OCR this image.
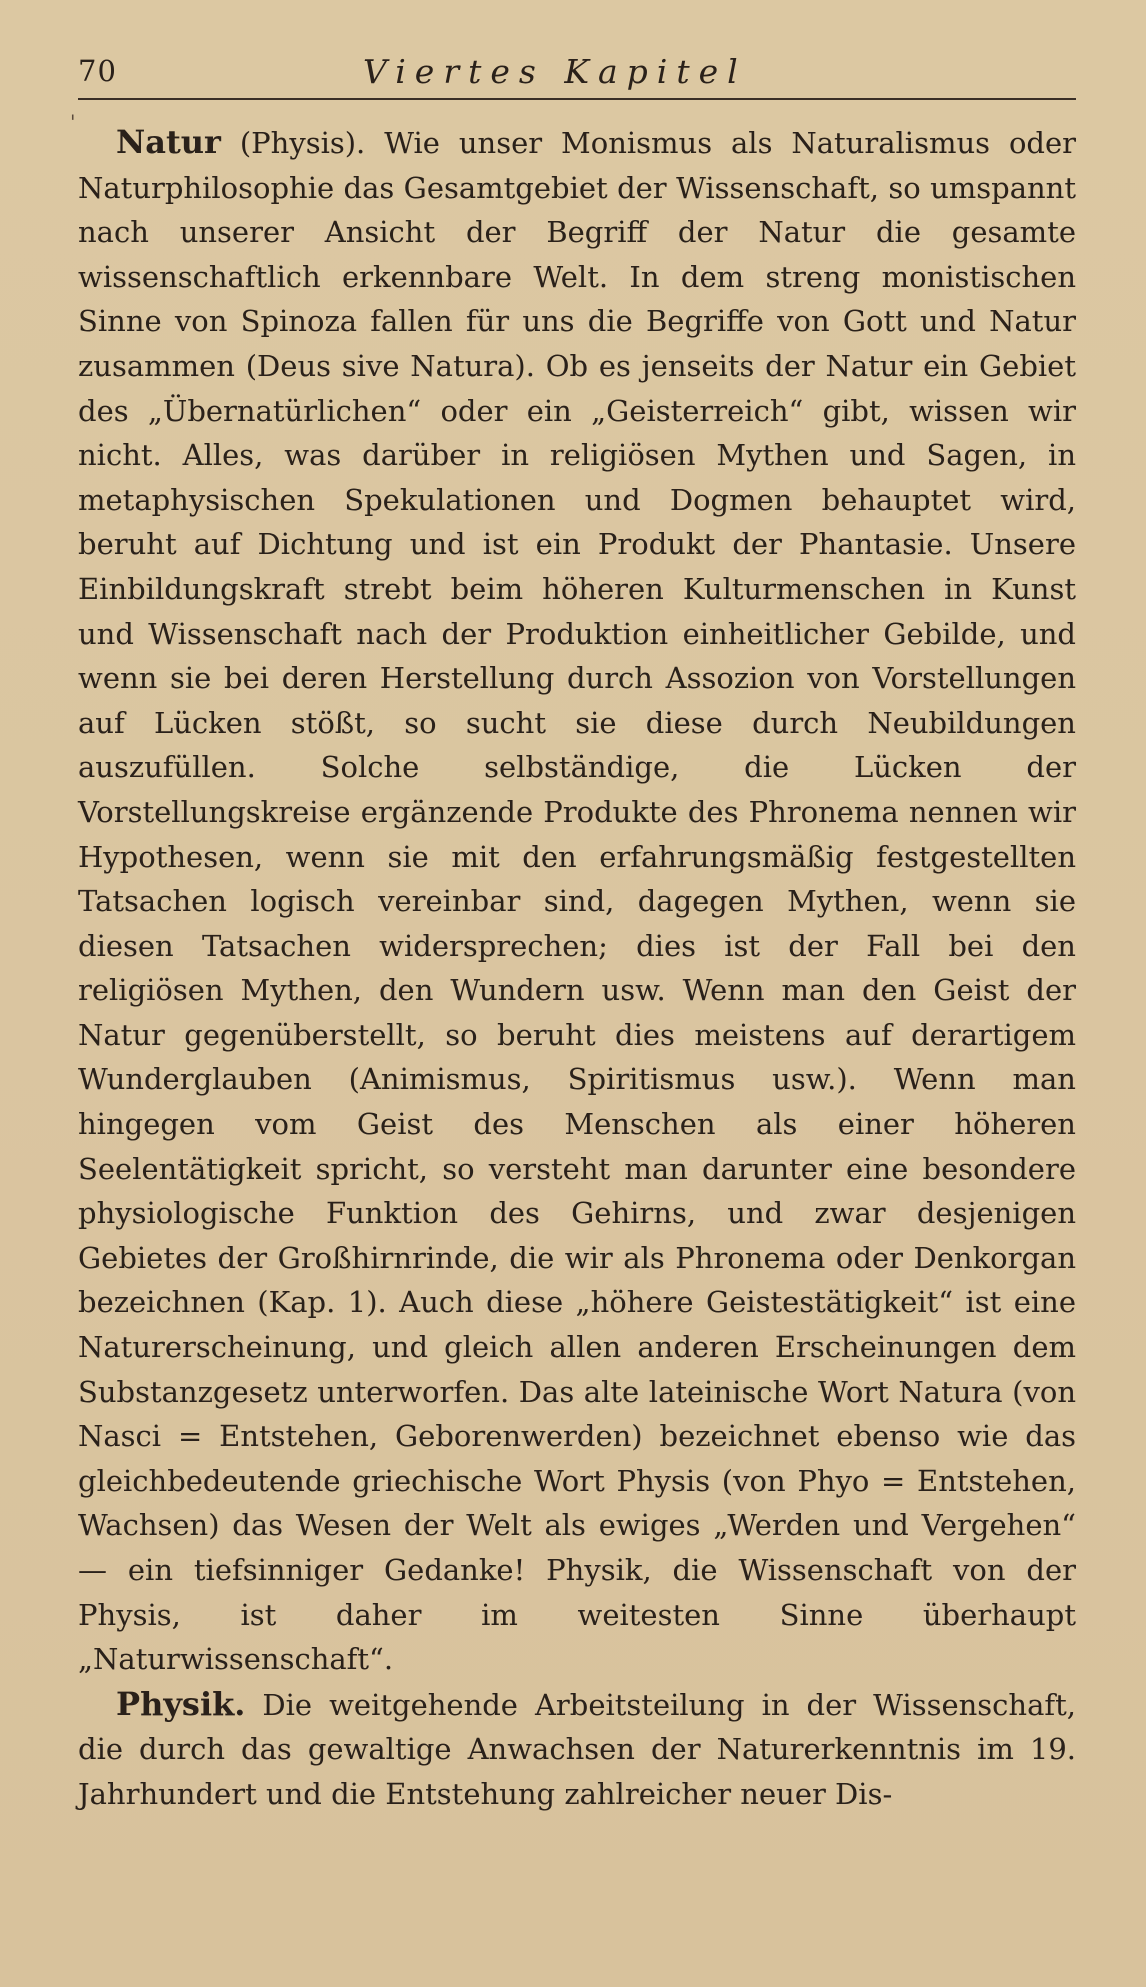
70	Viertes Kapitel
'

Natur (Physis). Wie unser Monismus als Naturalismus oder Naturphilosophie das Gesamtgebiet der Wissenschaft, so umspannt nach unserer Ansicht der Begriff der Natur die gesamte wissenschaftlich erkennbare Welt. In dem streng monistischen Sinne von Spinoza fallen für uns die Begriffe von Gott und Natur zusammen (Deus sive Natura). Ob es jenseits der Natur ein Gebiet des „Übernatürlichen“ oder ein „Geisterreich“ gibt, wissen wir nicht. Alles, was darüber in religiösen Mythen und Sagen, in metaphysischen Spekulationen und Dogmen behauptet wird, beruht auf Dichtung und ist ein Produkt der Phantasie. Unsere Einbildungskraft strebt beim höheren Kulturmenschen in Kunst und Wissenschaft nach der Produktion einheitlicher Gebilde, und wenn sie bei deren Herstellung durch Assozion von Vorstellungen auf Lücken stößt, so sucht sie diese durch Neubildungen auszufüllen. Solche selbständige, die Lücken der Vorstellungskreise ergänzende Produkte des Phronema nennen wir Hypothesen, wenn sie mit den erfahrungsmäßig festgestellten Tatsachen logisch vereinbar sind, dagegen Mythen, wenn sie diesen Tatsachen widersprechen; dies ist der Fall bei den religiösen Mythen, den Wundern usw. Wenn man den Geist der Natur gegenüberstellt, so beruht dies meistens auf derartigem Wunderglauben (Animismus, Spiritismus usw.). Wenn man hingegen vom Geist des Menschen als einer höheren Seelentätigkeit spricht, so versteht man darunter eine besondere physiologische Funktion des Gehirns, und zwar desjenigen Gebietes der Großhirnrinde, die wir als Phronema oder Denkorgan bezeichnen (Kap. 1). Auch diese „höhere Geistestätigkeit“ ist eine Naturerscheinung, und gleich allen anderen Erscheinungen dem Substanzgesetz unterworfen. Das alte lateinische Wort Natura (von Nasci = Entstehen, Geborenwerden) bezeichnet ebenso wie das gleichbedeutende griechische Wort Physis (von Phyo = Entstehen, Wachsen) das Wesen der Welt als ewiges „Werden und Vergehen“ — ein tiefsinniger Gedanke! Physik, die Wissenschaft von der Physis, ist daher im weitesten Sinne überhaupt „Naturwissenschaft“.

Physik. Die weitgehende Arbeitsteilung in der Wissenschaft, die durch das gewaltige Anwachsen der Naturerkenntnis im 19. Jahrhundert und die Entstehung zahlreicher neuer Dis-
